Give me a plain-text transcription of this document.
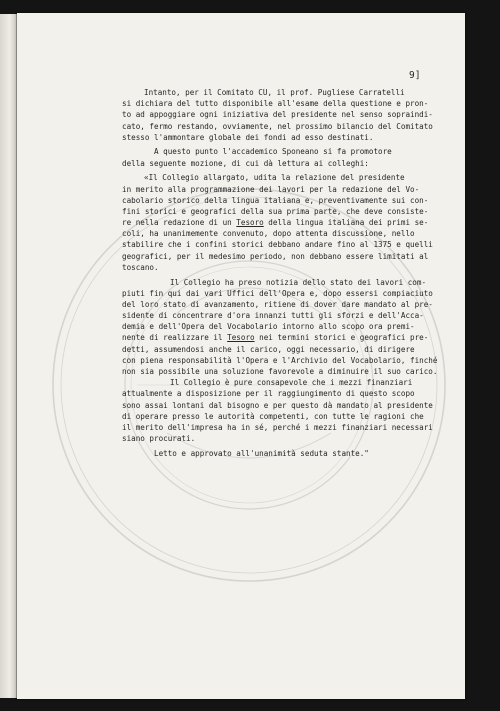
9]
Intanto, per il Comitato CU, il prof. Pugliese Carratelli
si dichiara del tutto disponibile all'esame della questione e pron-
to ad appoggiare ogni iniziativa del presidente nel senso sopraindi-
cato, fermo restando, ovviamente, nel prossimo bilancio del Comitato
stesso l'ammontare globale dei fondi ad esso destinati.
A questo punto l'accademico Sponeano si fa promotore
della seguente mozione, di cui dà lettura ai colleghi:
«Il Collegio allargato, udita la relazione del presidente
in merito alla programmazione dei lavori per la redazione del Vo-
cabolario storico della lingua italiana e, preventivamente sui con-
fini storici e geografici della sua prima parte, che deve consiste-
re nella redazione di un Tesoro della lingua italiana dei primi se-
coli, ha unanimemente convenuto, dopo attenta discussione, nello
stabilire che i confini storici debbano andare fino al 1375 e quelli
geografici, per il medesimo periodo, non debbano essere limitati al
toscano.
Il Collegio ha preso notizia dello stato dei lavori com-
piuti fin qui dai vari Uffici dell'Opera e, dopo essersi compiaciuto
del loro stato di avanzamento, ritiene di dover dare mandato al pre-
sidente di concentrare d'ora innanzi tutti gli sforzi e dell'Acca-
demia e dell'Opera del Vocabolario intorno allo scopo ora premi-
nente di realizzare il Tesoro nei termini storici e geografici pre-
detti, assumendosi anche il carico, oggi necessario, di dirigere
con piena responsabilità l'Opera e l'Archivio del Vocabolario, finché
non sia possibile una soluzione favorevole a diminuire il suo carico.
Il Collegio è pure consapevole che i mezzi finanziari
attualmente a disposizione per il raggiungimento di questo scopo
sono assai lontani dal bisogno e per questo dà mandato al presidente
di operare presso le autorità competenti, con tutte le ragioni che
il merito dell'impresa ha in sé, perché i mezzi finanziari necessari
siano procurati.
Letto e approvato all'unanimità seduta stante."
